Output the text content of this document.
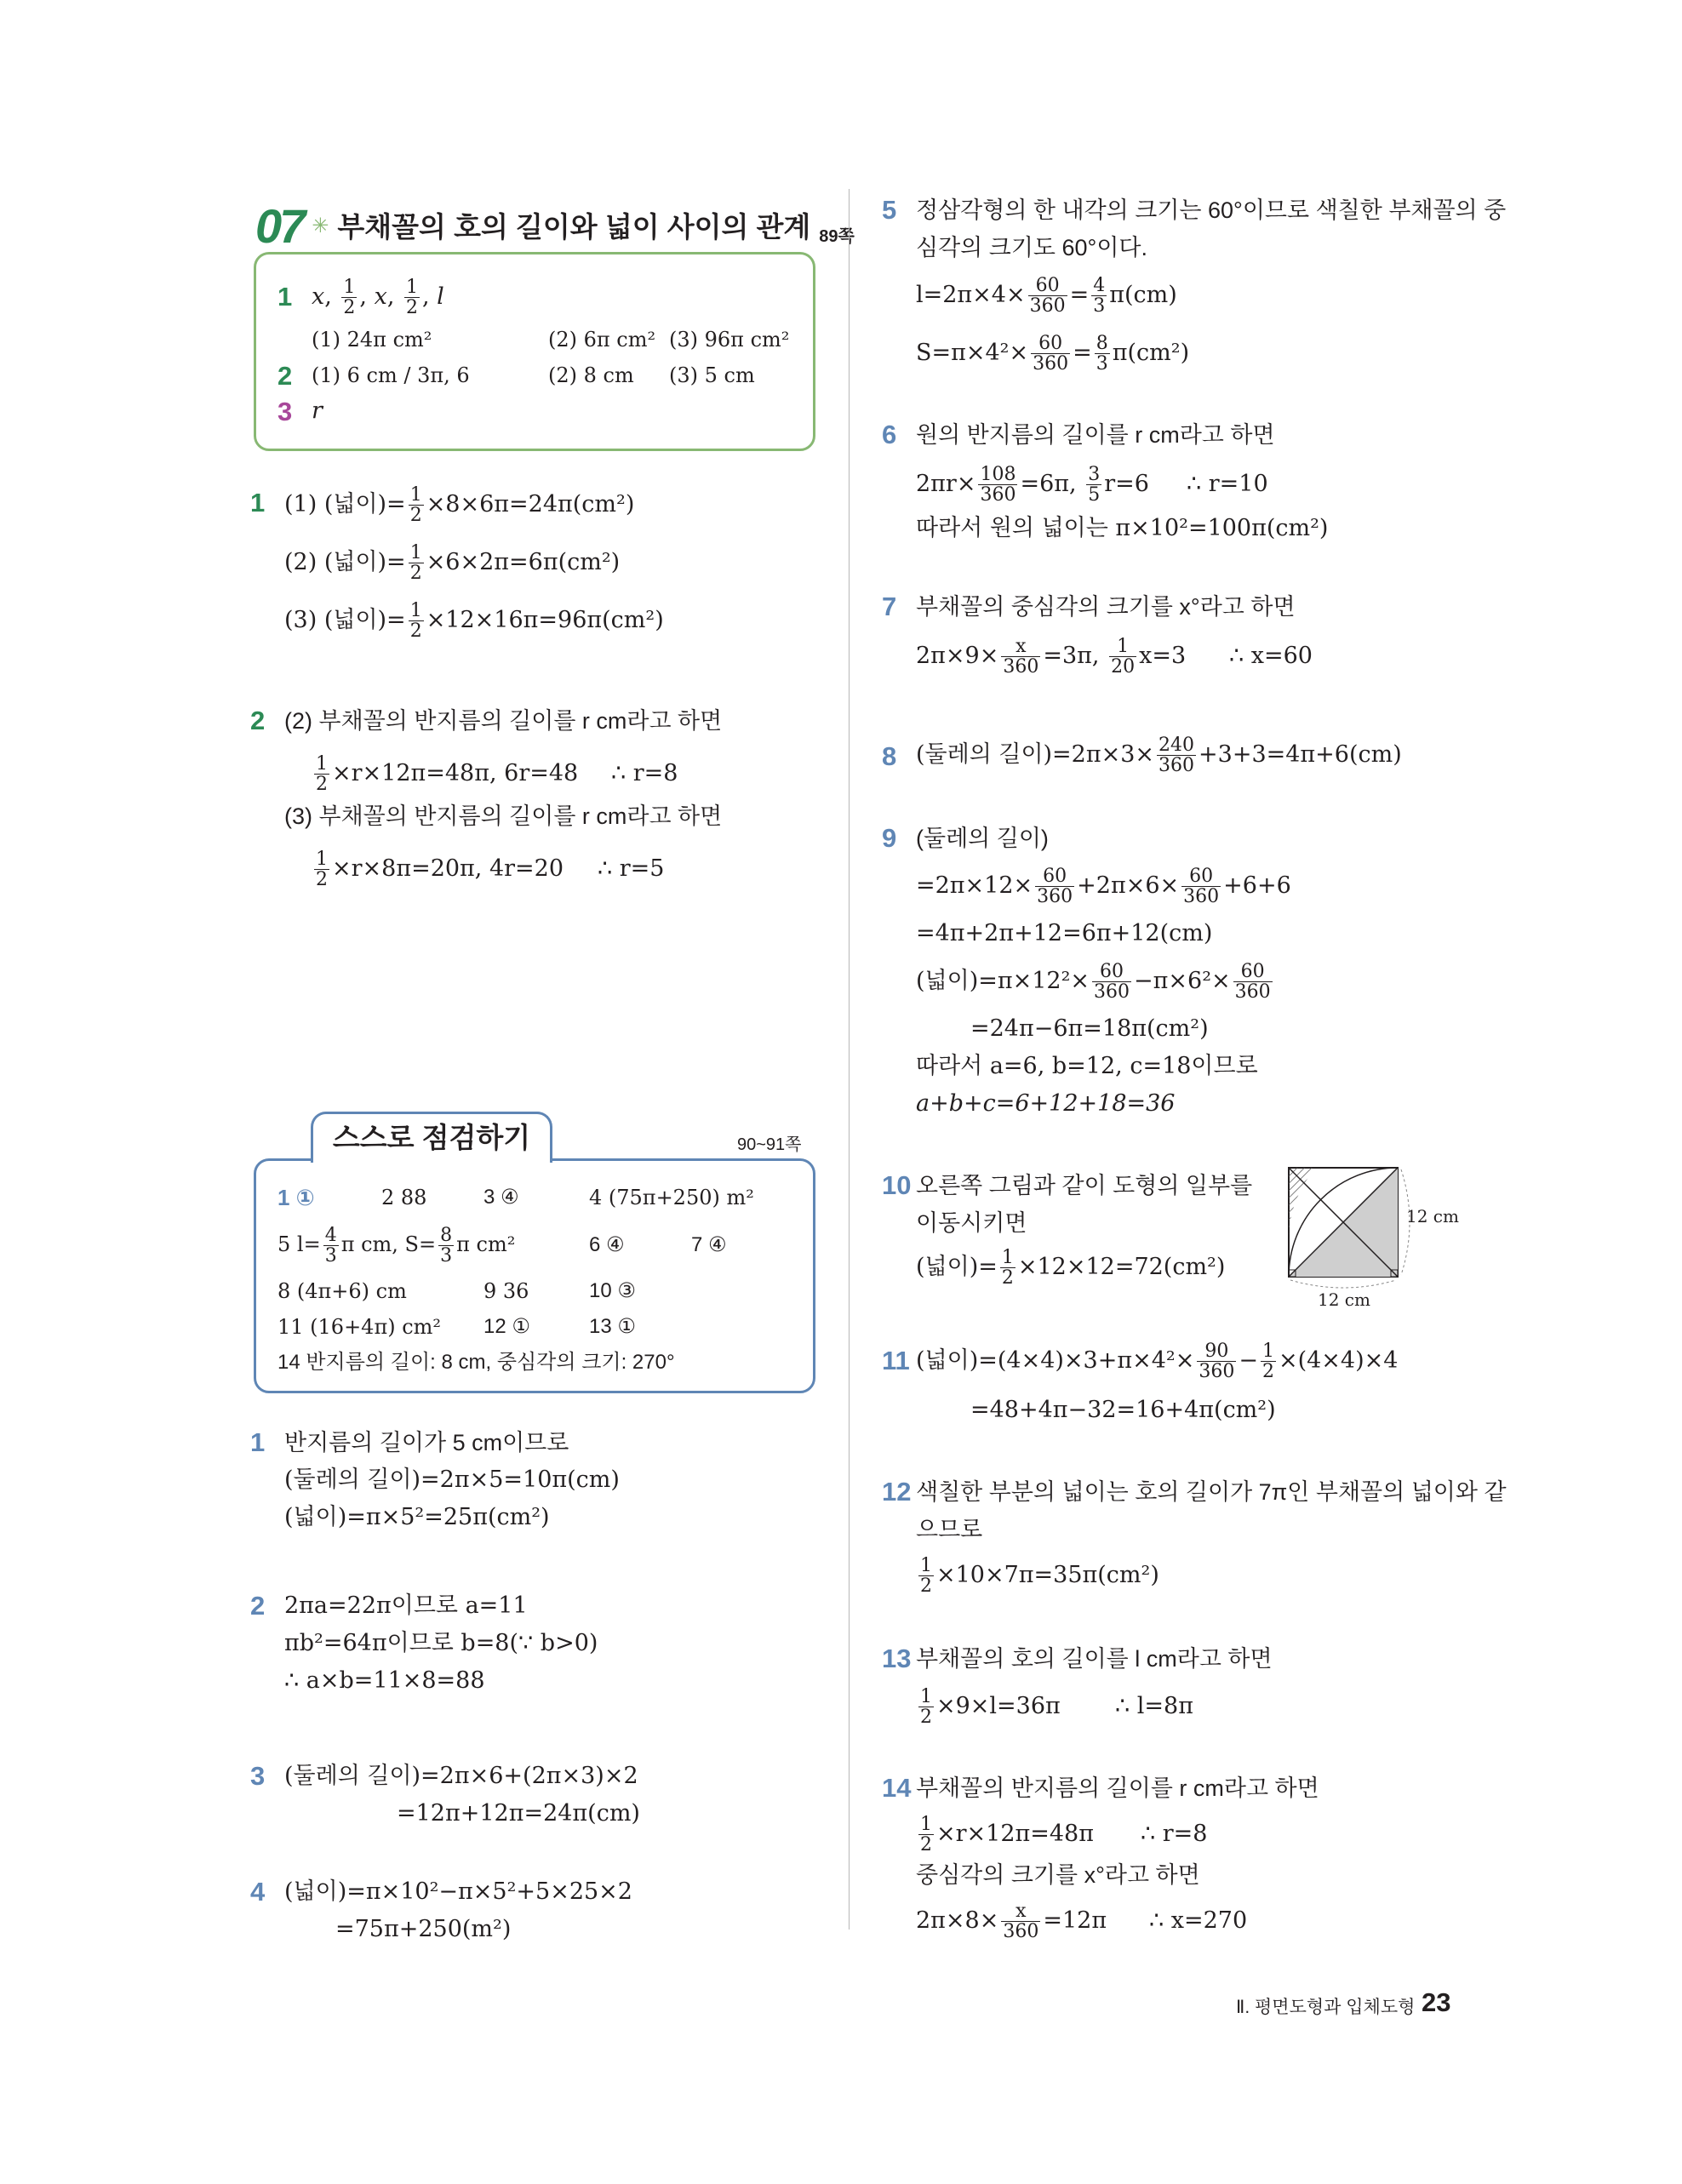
07 ✳ 부채꼴의 호의 길이와 넓이 사이의 관계 89쪽
1 x, $\frac{1}{2}$ , x, $\frac{1}{2}$ , l
(1) 24π cm²	(2) 6π cm² (3) 96π cm²
2 (1) 6 cm / 3π, 6	(2) 8 cm (3) 5 cm
3 r
1 (1) (넓이)= $\frac{1}{2} \times 8\times 6\pi=24\pi(cm^2)$
(2) (넓이)= $\frac{1}{2} \times 6\times 2\pi=6\pi(cm^2)$
(3) (넓이)= $\frac{1}{2} \times 12\times 16\pi=96\pi(cm^2)$
2 (2) 부채꼴의 반지름의 길이를 r cm라고 하면
$\frac{1}{2} \times r\times 12\pi=48\pi$, 6r=48 ∴ r=8
(3) 부채꼴의 반지름의 길이를 r cm라고 하면
$\frac{1}{2} \times r\times 8\pi=20\pi$, 4r=20 ∴ r=5
스스로 점검하기	90~91쪽
1 ①	2 88	3 ④	4 (75π+250) m²
5 $l= \frac{4}{3}$ π cm, $S= \frac{8}{3}$ π cm²	6 ④	7 ④
8 (4π+6) cm	9 36	10 ③
11 (16+4π) cm² 12 ①	13 ①
14 반지름의 길이: 8 cm, 중심각의 크기: 270°
1 반지름의 길이가 5 cm이므로
(둘레의 길이)=2π×5=10π(cm)
(넓이)=π×5²=25π(cm²)
2 2πa=22π이므로 a=11
πb²=64π이므로 b=8(∵ b>0)
∴ a×b=11×8=88
3 (둘레의 길이)=2π×6+(2π×3)×2
=12π+12π=24π(cm)
4 (넓이)=π×10²−π×5²+5×25×2
=75π+250(m²)
5 정삼각형의 한 내각의 크기는 60°이므로 색칠한 부채꼴의 중
심각의 크기도 60°이다.
$l=2\pi\times 4\times \frac{60}{360} = \frac{4}{3} \pi(cm)$
$S=\pi\times 4^2\times \frac{60}{360} = \frac{8}{3} \pi(cm^2)$
6 원의 반지름의 길이를 r cm라고 하면
$2\pi r\times \frac{108}{360} =6\pi$, $\frac{3}{5} r=6$ ∴ r=10
따라서 원의 넓이는 π×10²=100π(cm²)
7 부채꼴의 중심각의 크기를 x°라고 하면
$2\pi\times 9\times \frac{x}{360} =3\pi$, $\frac{1}{20} x=3$ ∴ x=60
8 (둘레의 길이)$=2\pi\times 3\times \frac{240}{360} +3+3=4\pi+6(cm)$
9 (둘레의 길이)
$=2\pi\times 12\times \frac{60}{360} +2\pi\times 6\times \frac{60}{360} +6+6$
=4π+2π+12=6π+12(cm)
(넓이)$=\pi\times 12^2\times \frac{60}{360} -\pi\times 6^2\times \frac{60}{360}$
=24π−6π=18π(cm²)
따라서 a=6, b=12, c=18이므로
a+b+c=6+12+18=36
10 오른쪽 그림과 같이 도형의 일부를
이동시키면
(넓이)= $\frac{1}{2} \times 12\times 12=72(cm^2)$
12 cm
12 cm
11 (넓이)$=(4\times 4)\times 3+\pi\times 4^2\times \frac{90}{360} - \frac{1}{2} \times(4\times 4)\times 4$
=48+4π−32=16+4π(cm²)
12 색칠한 부분의 넓이는 호의 길이가 7π인 부채꼴의 넓이와 같
으므로
$\frac{1}{2} \times 10\times 7\pi=35\pi(cm^2)$
13 부채꼴의 호의 길이를 l cm라고 하면
$\frac{1}{2} \times 9\times l=36\pi$ ∴ l=8π
14 부채꼴의 반지름의 길이를 r cm라고 하면
$\frac{1}{2} \times r\times 12\pi=48\pi$ ∴ r=8
중심각의 크기를 x°라고 하면
$2\pi\times 8\times \frac{x}{360} =12\pi$ ∴ x=270
Ⅱ. 평면도형과 입체도형 23
